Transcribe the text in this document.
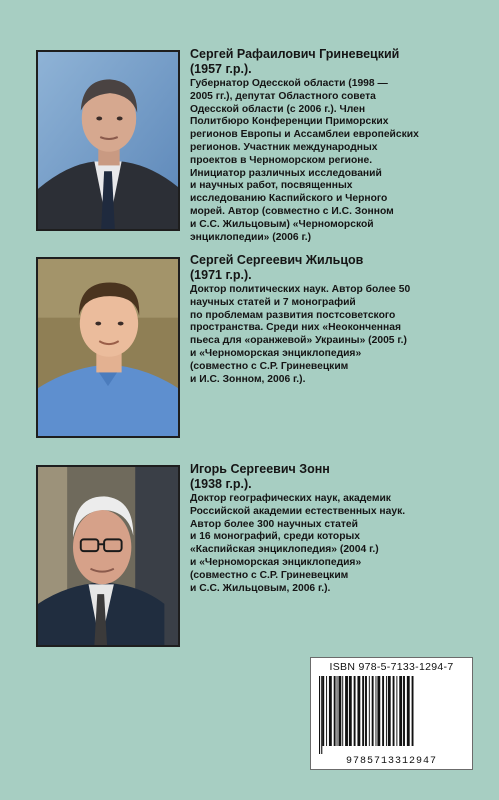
Сергей Рафаилович Гриневецкий

(1957 г.р.).

Губернатор Одесской области (1998 —
2005 гг.), депутат Областного совета
Одесской области (с 2006 г.). Член
Политбюро Конференции Приморских
регионов Европы и Ассамблеи европейских
регионов. Участник международных
проектов в Черноморском регионе.
Инициатор различных исследований
и научных работ, посвященных
исследованию Каспийского и Черного
морей. Автор (совместно с И.С. Зонном
и С.С. Жильцовым) «Черноморской
энциклопедии» (2006 г.)

Сергей Сергеевич Жильцов

(1971 г.р.).

Доктор политических наук. Автор более 50
научных статей и 7 монографий
по проблемам развития постсоветского
пространства. Среди них «Неоконченная
пьеса для «оранжевой» Украины» (2005 г.)
и «Черноморская энциклопедия»
(совместно с С.Р. Гриневецким
и И.С. Зонном, 2006 г.).

Игорь Сергеевич Зонн

(1938 г.р.).

Доктор географических наук, академик
Российской академии естественных наук.
Автор более 300 научных статей
и 16 монографий, среди которых
«Каспийская энциклопедия» (2004 г.)
и «Черноморская энциклопедия»
(совместно с С.Р. Гриневецким
и С.С. Жильцовым, 2006 г.).

ISBN 978-5-7133-1294-7
9785713312947
